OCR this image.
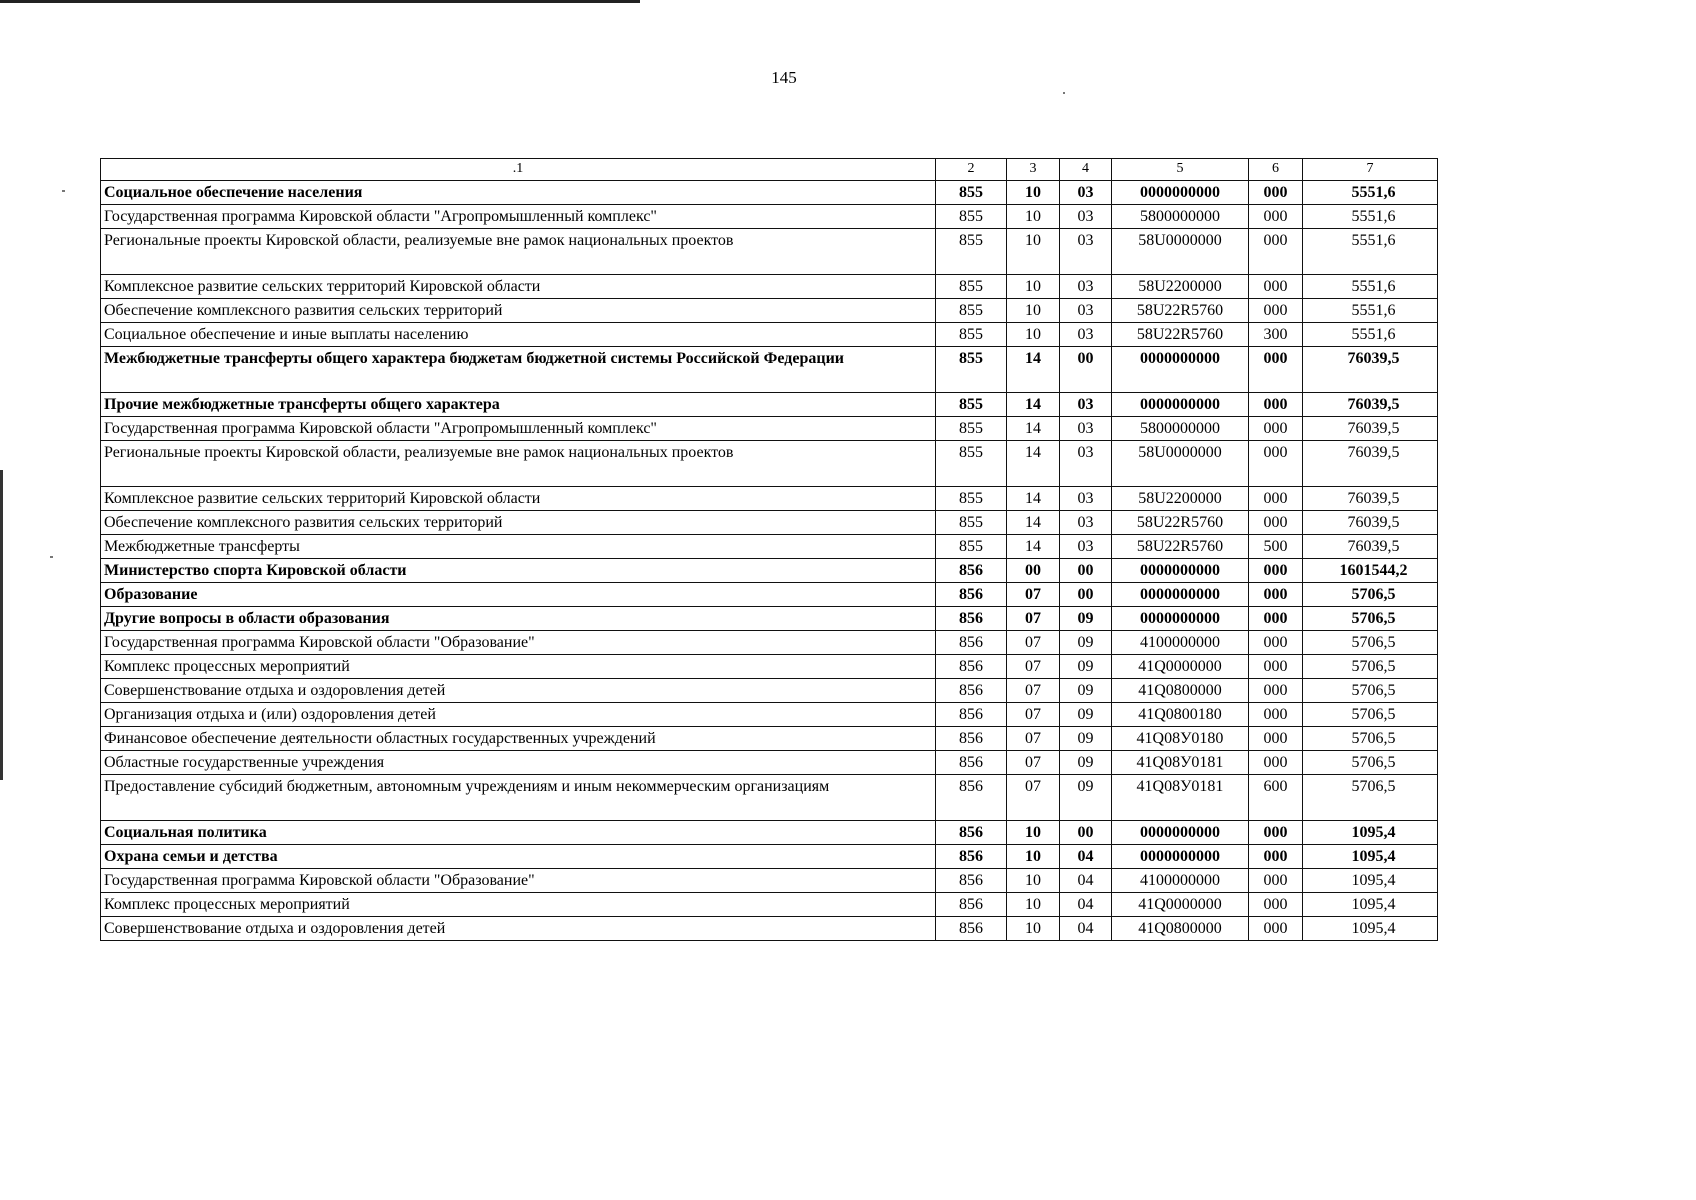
145
.1	2	3	4	5	6	7
Социальное обеспечение населения	855	10	03	0000000000	000	5551,6
Государственная программа Кировской области "Агропромышленный комплекс"	855	10	03	5800000000	000	5551,6
Региональные проекты Кировской области, реализуемые вне рамок национальных проектов	855	10	03	58U0000000	000	5551,6
Комплексное развитие сельских территорий Кировской области	855	10	03	58U2200000	000	5551,6
Обеспечение комплексного развития сельских территорий	855	10	03	58U22R5760	000	5551,6
Социальное обеспечение и иные выплаты населению	855	10	03	58U22R5760	300	5551,6
Межбюджетные трансферты общего характера бюджетам бюджетной системы Российской Федерации	855	14	00	0000000000	000	76039,5
Прочие межбюджетные трансферты общего характера	855	14	03	0000000000	000	76039,5
Государственная программа Кировской области "Агропромышленный комплекс"	855	14	03	5800000000	000	76039,5
Региональные проекты Кировской области, реализуемые вне рамок национальных проектов	855	14	03	58U0000000	000	76039,5
Комплексное развитие сельских территорий Кировской области	855	14	03	58U2200000	000	76039,5
Обеспечение комплексного развития сельских территорий	855	14	03	58U22R5760	000	76039,5
Межбюджетные трансферты	855	14	03	58U22R5760	500	76039,5
Министерство спорта Кировской области	856	00	00	0000000000	000	1601544,2
Образование	856	07	00	0000000000	000	5706,5
Другие вопросы в области образования	856	07	09	0000000000	000	5706,5
Государственная программа Кировской области "Образование"	856	07	09	4100000000	000	5706,5
Комплекс процессных мероприятий	856	07	09	41Q0000000	000	5706,5
Совершенствование отдыха и оздоровления детей	856	07	09	41Q0800000	000	5706,5
Организация отдыха и (или) оздоровления детей	856	07	09	41Q0800180	000	5706,5
Финансовое обеспечение деятельности областных государственных учреждений	856	07	09	41Q08У0180	000	5706,5
Областные государственные учреждения	856	07	09	41Q08У0181	000	5706,5
Предоставление субсидий бюджетным, автономным учреждениям и иным некоммерческим организациям	856	07	09	41Q08У0181	600	5706,5
Социальная политика	856	10	00	0000000000	000	1095,4
Охрана семьи и детства	856	10	04	0000000000	000	1095,4
Государственная программа Кировской области "Образование"	856	10	04	4100000000	000	1095,4
Комплекс процессных мероприятий	856	10	04	41Q0000000	000	1095,4
Совершенствование отдыха и оздоровления детей	856	10	04	41Q0800000	000	1095,4
